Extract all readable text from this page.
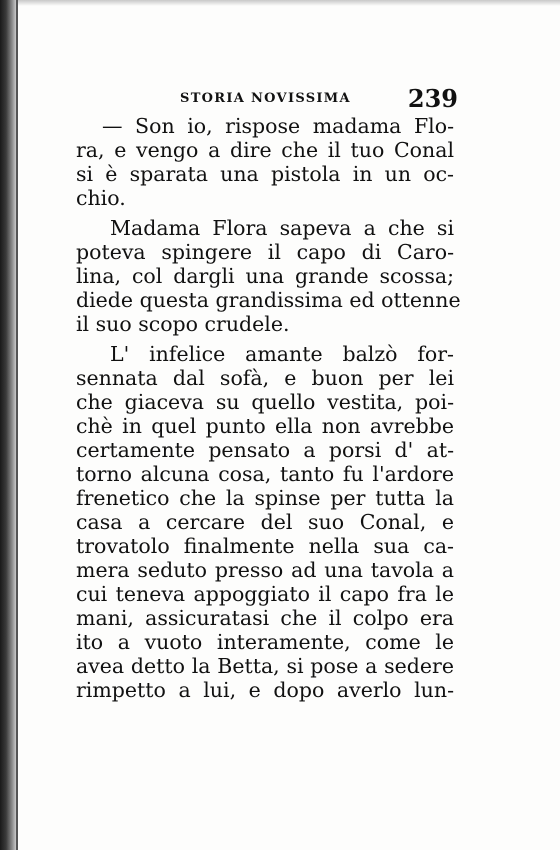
STORIA NOVISSIMA 239
— Son io, rispose madama Flo-
ra, e vengo a dire che il tuo Conal
si è sparata una pistola in un oc-
chio.
Madama Flora sapeva a che si
poteva spingere il capo di Caro-
lina, col dargli una grande scossa;
diede questa grandissima ed ottenne
il suo scopo crudele.
L' infelice amante balzò for-
sennata dal sofà, e buon per lei
che giaceva su quello vestita, poi-
chè in quel punto ella non avrebbe
certamente pensato a porsi d' at-
torno alcuna cosa, tanto fu l'ardore
frenetico che la spinse per tutta la
casa a cercare del suo Conal, e
trovatolo finalmente nella sua ca-
mera seduto presso ad una tavola a
cui teneva appoggiato il capo fra le
mani, assicuratasi che il colpo era
ito a vuoto interamente, come le
avea detto la Betta, si pose a sedere
rimpetto a lui, e dopo averlo lun-
